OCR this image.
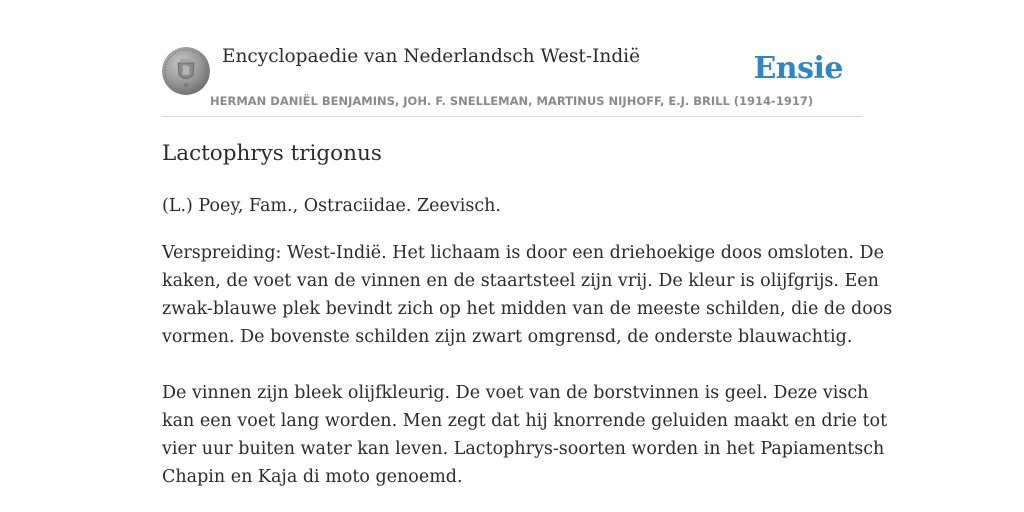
Encyclopaedie van Nederlandsch West-Indië	Ensie
HERMAN DANIËL BENJAMINS, JOH. F. SNELLEMAN, MARTINUS NIJHOFF, E.J. BRILL (1914-1917)
Lactophrys trigonus

(L.) Poey, Fam., Ostraciidae. Zeevisch.

Verspreiding: West-Indië. Het lichaam is door een driehoekige doos omsloten. De
kaken, de voet van de vinnen en de staartsteel zijn vrij. De kleur is olijfgrijs. Een
zwak-blauwe plek bevindt zich op het midden van de meeste schilden, die de doos
vormen. De bovenste schilden zijn zwart omgrensd, de onderste blauwachtig.

De vinnen zijn bleek olijfkleurig. De voet van de borstvinnen is geel. Deze visch
kan een voet lang worden. Men zegt dat hij knorrende geluiden maakt en drie tot
vier uur buiten water kan leven. Lactophrys-soorten worden in het Papiamentsch
Chapin en Kaja di moto genoemd.
